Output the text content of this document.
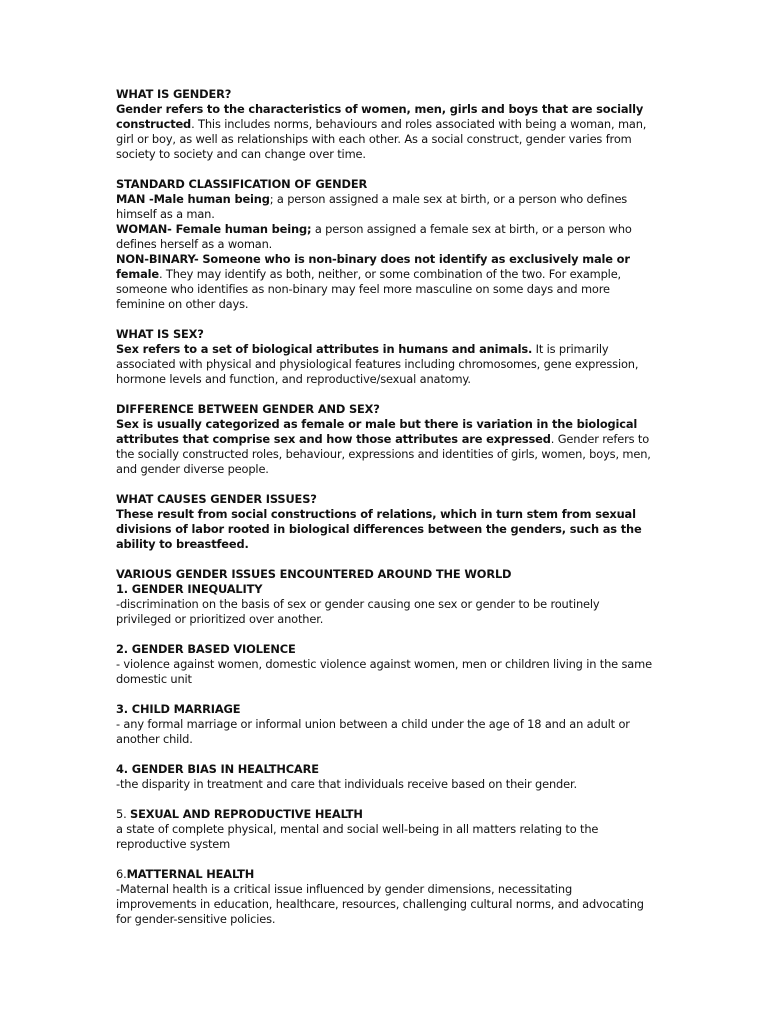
WHAT IS GENDER?

Gender refers to the characteristics of women, men, girls and boys that are socially constructed. This includes norms, behaviours and roles associated with being a woman, man, girl or boy, as well as relationships with each other. As a social construct, gender varies from society to society and can change over time.

STANDARD CLASSIFICATION OF GENDER

MAN -Male human being; a person assigned a male sex at birth, or a person who defines himself as a man.

WOMAN- Female human being; a person assigned a female sex at birth, or a person who defines herself as a woman.

NON-BINARY- Someone who is non-binary does not identify as exclusively male or female. They may identify as both, neither, or some combination of the two. For example, someone who identifies as non-binary may feel more masculine on some days and more feminine on other days.

WHAT IS SEX?

Sex refers to a set of biological attributes in humans and animals. It is primarily associated with physical and physiological features including chromosomes, gene expression, hormone levels and function, and reproductive/sexual anatomy.

DIFFERENCE BETWEEN GENDER AND SEX?

Sex is usually categorized as female or male but there is variation in the biological attributes that comprise sex and how those attributes are expressed. Gender refers to the socially constructed roles, behaviour, expressions and identities of girls, women, boys, men, and gender diverse people.

WHAT CAUSES GENDER ISSUES?

These result from social constructions of relations, which in turn stem from sexual divisions of labor rooted in biological differences between the genders, such as the ability to breastfeed.

VARIOUS GENDER ISSUES ENCOUNTERED AROUND THE WORLD

1. GENDER INEQUALITY

-discrimination on the basis of sex or gender causing one sex or gender to be routinely privileged or prioritized over another.

2. GENDER BASED VIOLENCE

- violence against women, domestic violence against women, men or children living in the same domestic unit

3. CHILD MARRIAGE

- any formal marriage or informal union between a child under the age of 18 and an adult or another child.

4. GENDER BIAS IN HEALTHCARE

-the disparity in treatment and care that individuals receive based on their gender.

5. SEXUAL AND REPRODUCTIVE HEALTH

a state of complete physical, mental and social well-being in all matters relating to the reproductive system

6.MATTERNAL HEALTH

-Maternal health is a critical issue influenced by gender dimensions, necessitating improvements in education, healthcare, resources, challenging cultural norms, and advocating for gender-sensitive policies.
